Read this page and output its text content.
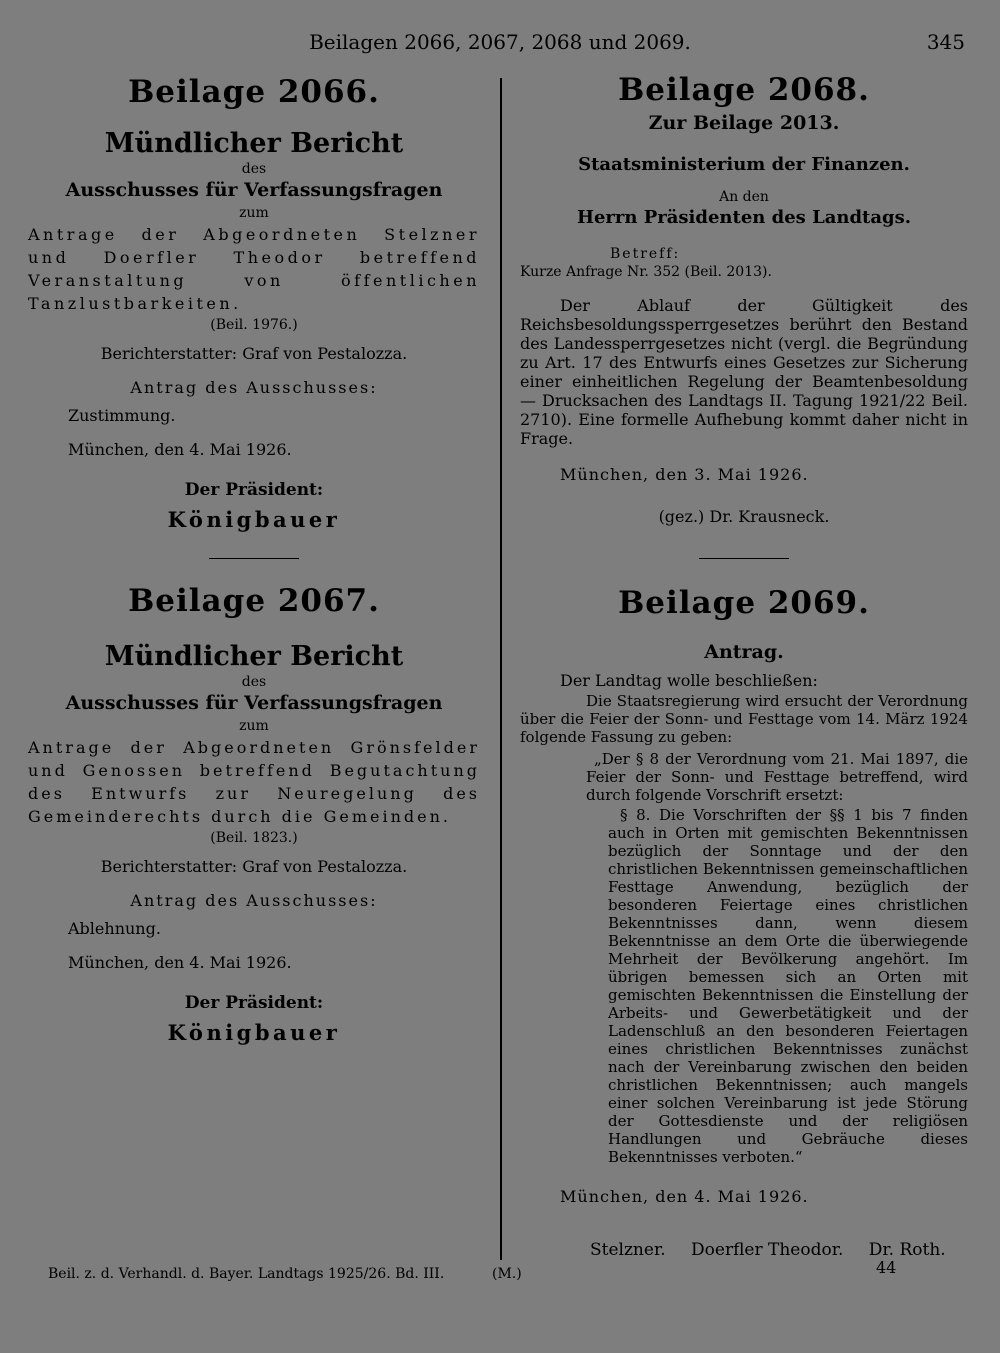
Beilagen 2066, 2067, 2068 und 2069.	345
Beilage 2066.
Mündlicher Bericht

des

Ausschusses für Verfassungsfragen

zum

Antrage der Abgeordneten Stelzner und Doerfler Theodor betreffend Veranstaltung von öffentlichen Tanzlustbarkeiten.

(Beil. 1976.)

Berichterstatter: Graf von Pestalozza.

Antrag des Ausschusses:

Zustimmung.

München, den 4. Mai 1926.

Der Präsident:

Königbauer

Beilage 2067.
Mündlicher Bericht

des

Ausschusses für Verfassungsfragen

zum

Antrage der Abgeordneten Grönsfelder und Genossen betreffend Begutachtung des Entwurfs zur Neuregelung des Gemeinderechts durch die Gemeinden.

(Beil. 1823.)

Berichterstatter: Graf von Pestalozza.

Antrag des Ausschusses:

Ablehnung.

München, den 4. Mai 1926.

Der Präsident:

Königbauer

Beilage 2068.

Zur Beilage 2013.

Staatsministerium der Finanzen.

An den

Herrn Präsidenten des Landtags.

Betreff:

Kurze Anfrage Nr. 352 (Beil. 2013).

Der Ablauf der Gültigkeit des Reichsbesoldungssperrgesetzes berührt den Bestand des Landessperrgesetzes nicht (vergl. die Begründung zu Art. 17 des Entwurfs eines Gesetzes zur Sicherung einer einheitlichen Regelung der Beamtenbesoldung — Drucksachen des Landtags II. Tagung 1921/22 Beil. 2710). Eine formelle Aufhebung kommt daher nicht in Frage.

München, den 3. Mai 1926.

(gez.) Dr. Krausneck.

Beilage 2069.

Antrag.

Der Landtag wolle beschließen:

Die Staatsregierung wird ersucht der Verordnung über die Feier der Sonn- und Festtage vom 14. März 1924 folgende Fassung zu geben:

„Der § 8 der Verordnung vom 21. Mai 1897, die Feier der Sonn- und Festtage betreffend, wird durch folgende Vorschrift ersetzt:

§ 8. Die Vorschriften der §§ 1 bis 7 finden auch in Orten mit gemischten Bekenntnissen bezüglich der Sonntage und der den christlichen Bekenntnissen gemeinschaftlichen Festtage Anwendung, bezüglich der besonderen Feiertage eines christlichen Bekenntnisses dann, wenn diesem Bekenntnisse an dem Orte die überwiegende Mehrheit der Bevölkerung angehört. Im übrigen bemessen sich an Orten mit gemischten Bekenntnissen die Einstellung der Arbeits- und Gewerbetätigkeit und der Ladenschluß an den besonderen Feiertagen eines christlichen Bekenntnisses zunächst nach der Vereinbarung zwischen den beiden christlichen Bekenntnissen; auch mangels einer solchen Vereinbarung ist jede Störung der Gottesdienste und der religiösen Handlungen und Gebräuche dieses Bekenntnisses verboten.“

München, den 4. Mai 1926.

Stelzner. Doerfler Theodor. Dr. Roth.
44
Beil. z. d. Verhandl. d. Bayer. Landtags 1925/26. Bd. III.	(M.)
